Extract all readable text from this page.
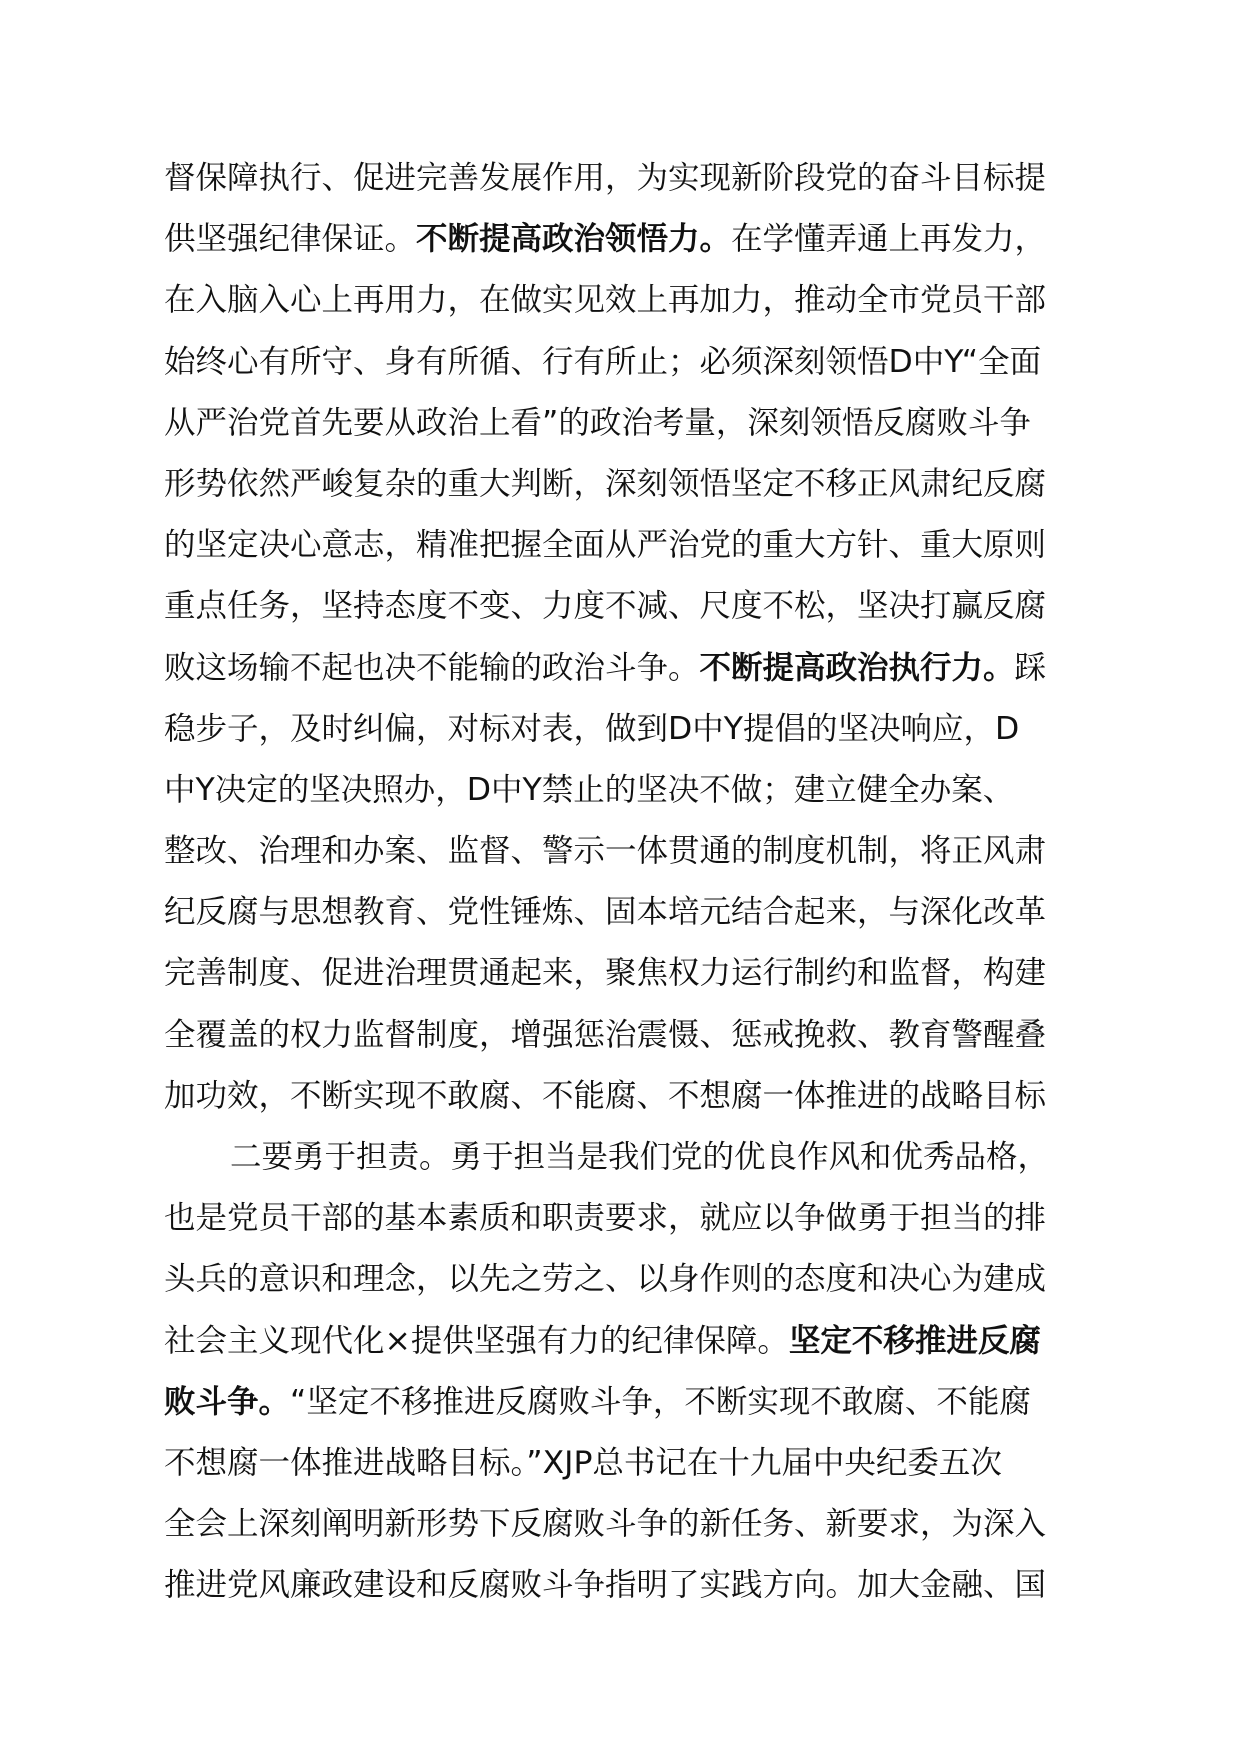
督保障执行、促进完善发展作用，为实现新阶段党的奋斗目标提
供坚强纪律保证。不断提高政治领悟力。在学懂弄通上再发力，
在入脑入心上再用力，在做实见效上再加力，推动全市党员干部
始终心有所守、身有所循、行有所止；必须深刻领悟D中Y“全面
从严治党首先要从政治上看”的政治考量，深刻领悟反腐败斗争
形势依然严峻复杂的重大判断，深刻领悟坚定不移正风肃纪反腐
的坚定决心意志，精准把握全面从严治党的重大方针、重大原则
重点任务，坚持态度不变、力度不减、尺度不松，坚决打赢反腐
败这场输不起也决不能输的政治斗争。不断提高政治执行力。踩
稳步子，及时纠偏，对标对表，做到D中Y提倡的坚决响应，D
中Y决定的坚决照办，D中Y禁止的坚决不做；建立健全办案、
整改、治理和办案、监督、警示一体贯通的制度机制，将正风肃
纪反腐与思想教育、党性锤炼、固本培元结合起来，与深化改革
完善制度、促进治理贯通起来，聚焦权力运行制约和监督，构建
全覆盖的权力监督制度，增强惩治震慑、惩戒挽救、教育警醒叠
加功效，不断实现不敢腐、不能腐、不想腐一体推进的战略目标
二要勇于担责。勇于担当是我们党的优良作风和优秀品格，
也是党员干部的基本素质和职责要求，就应以争做勇于担当的排
头兵的意识和理念，以先之劳之、以身作则的态度和决心为建成
社会主义现代化×提供坚强有力的纪律保障。坚定不移推进反腐
败斗争。“坚定不移推进反腐败斗争，不断实现不敢腐、不能腐
不想腐一体推进战略目标。”XJP总书记在十九届中央纪委五次
全会上深刻阐明新形势下反腐败斗争的新任务、新要求，为深入
推进党风廉政建设和反腐败斗争指明了实践方向。加大金融、国
